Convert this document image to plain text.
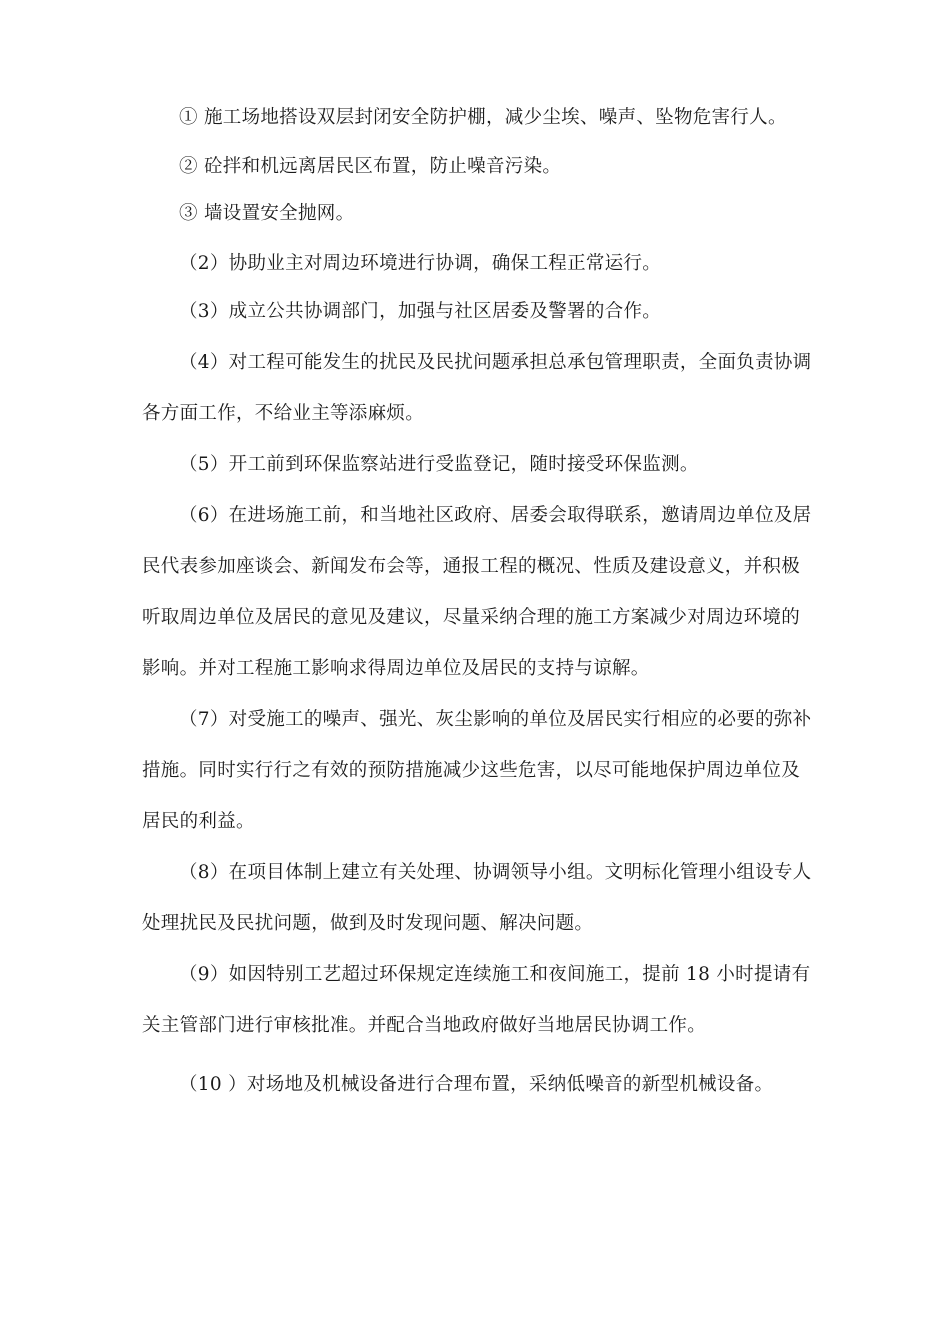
① 施工场地搭设双层封闭安全防护棚，减少尘埃、噪声、坠物危害行人。

② 砼拌和机远离居民区布置，防止噪音污染。

③ 墙设置安全抛网。

（2）协助业主对周边环境进行协调，确保工程正常运行。

（3）成立公共协调部门，加强与社区居委及警署的合作。

（4）对工程可能发生的扰民及民扰问题承担总承包管理职责，全面负责协调各方面工作，不给业主等添麻烦。

（5）开工前到环保监察站进行受监登记，随时接受环保监测。

（6）在进场施工前，和当地社区政府、居委会取得联系，邀请周边单位及居民代表参加座谈会、新闻发布会等，通报工程的概况、性质及建设意义，并积极听取周边单位及居民的意见及建议，尽量采纳合理的施工方案减少对周边环境的影响。并对工程施工影响求得周边单位及居民的支持与谅解。

（7）对受施工的噪声、强光、灰尘影响的单位及居民实行相应的必要的弥补措施。同时实行行之有效的预防措施减少这些危害，以尽可能地保护周边单位及居民的利益。

（8）在项目体制上建立有关处理、协调领导小组。文明标化管理小组设专人处理扰民及民扰问题，做到及时发现问题、解决问题。

（9）如因特别工艺超过环保规定连续施工和夜间施工，提前 18 小时提请有关主管部门进行审核批准。并配合当地政府做好当地居民协调工作。

（10 ）对场地及机械设备进行合理布置，采纳低噪音的新型机械设备。
